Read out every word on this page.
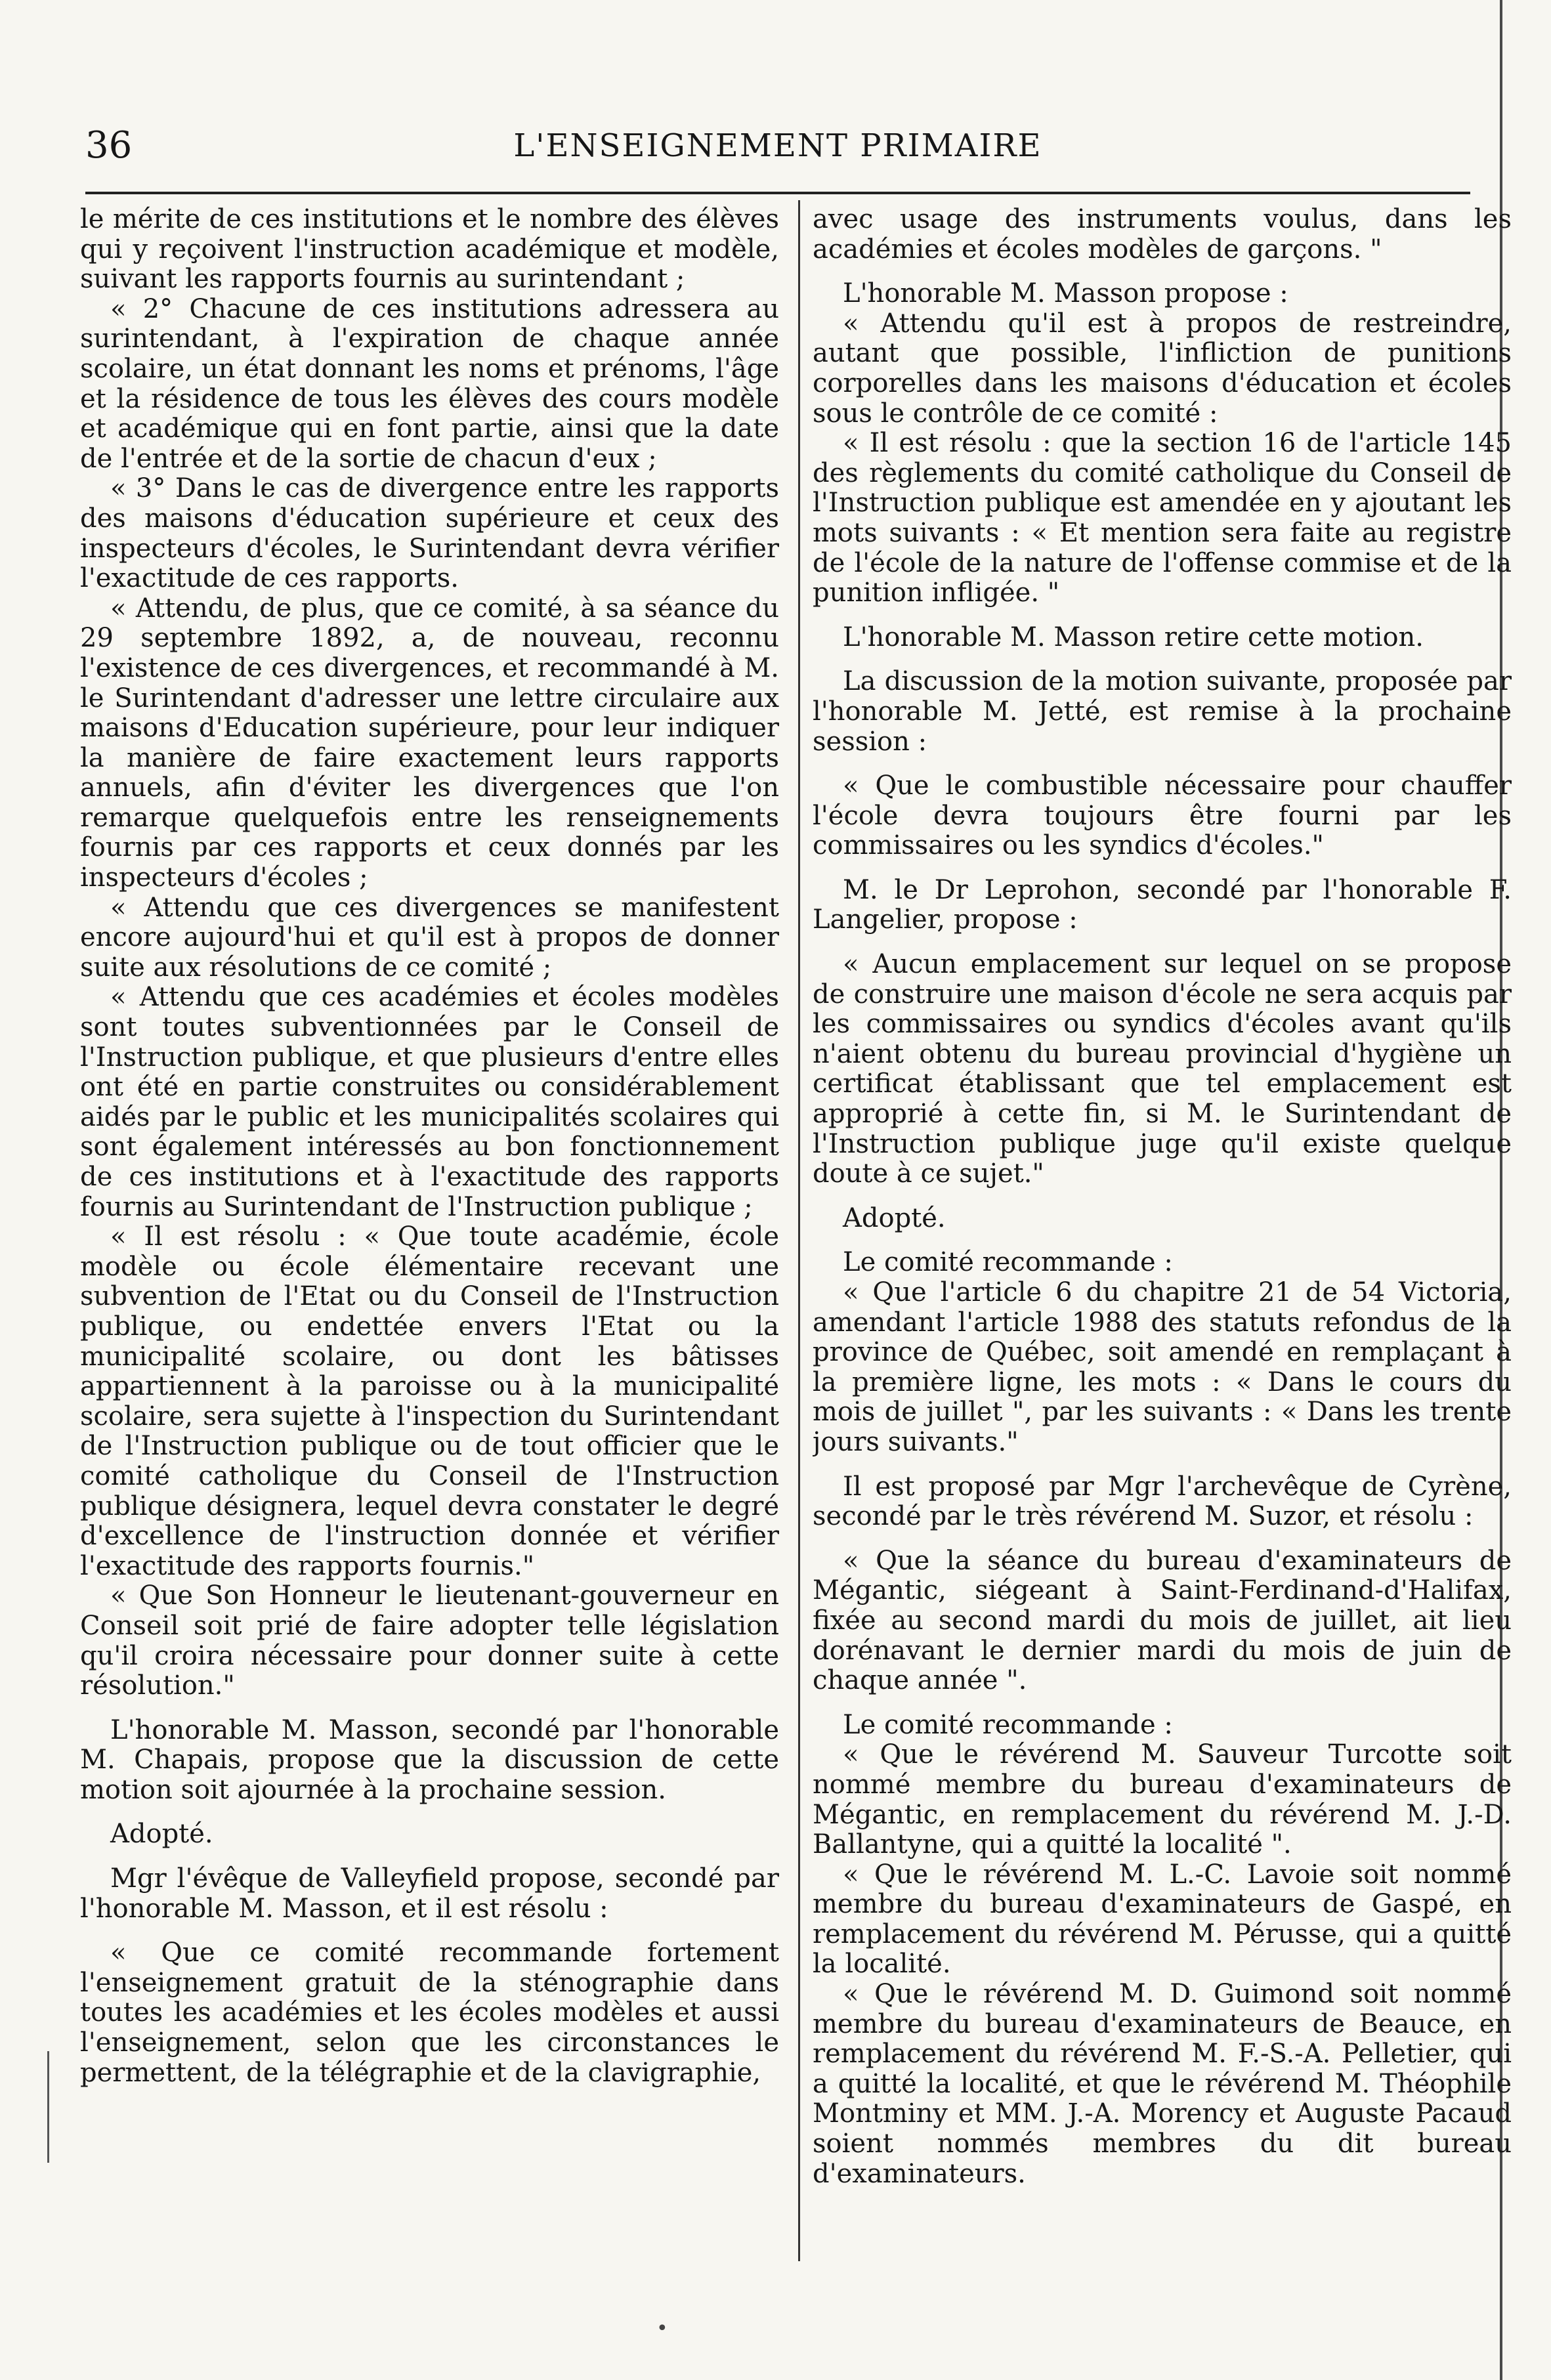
36	L'ENSEIGNEMENT PRIMAIRE

le mérite de ces institutions et le nombre des élèves qui y reçoivent l'instruction académique et modèle, suivant les rapports fournis au surintendant ;

« 2° Chacune de ces institutions adressera au surintendant, à l'expiration de chaque année scolaire, un état donnant les noms et prénoms, l'âge et la résidence de tous les élèves des cours modèle et académique qui en font partie, ainsi que la date de l'entrée et de la sortie de chacun d'eux ;

« 3° Dans le cas de divergence entre les rapports des maisons d'éducation supérieure et ceux des inspecteurs d'écoles, le Surintendant devra vérifier l'exactitude de ces rapports.

« Attendu, de plus, que ce comité, à sa séance du 29 septembre 1892, a, de nouveau, reconnu l'existence de ces divergences, et recommandé à M. le Surintendant d'adresser une lettre circulaire aux maisons d'Education supérieure, pour leur indiquer la manière de faire exactement leurs rapports annuels, afin d'éviter les divergences que l'on remarque quelquefois entre les renseignements fournis par ces rapports et ceux donnés par les inspecteurs d'écoles ;

« Attendu que ces divergences se manifestent encore aujourd'hui et qu'il est à propos de donner suite aux résolutions de ce comité ;

« Attendu que ces académies et écoles modèles sont toutes subventionnées par le Conseil de l'Instruction publique, et que plusieurs d'entre elles ont été en partie construites ou considérablement aidés par le public et les municipalités scolaires qui sont également intéressés au bon fonctionnement de ces institutions et à l'exactitude des rapports fournis au Surintendant de l'Instruction publique ;

« Il est résolu : « Que toute académie, école modèle ou école élémentaire recevant une subvention de l'Etat ou du Conseil de l'Instruction publique, ou endettée envers l'Etat ou la municipalité scolaire, ou dont les bâtisses appartiennent à la paroisse ou à la municipalité scolaire, sera sujette à l'inspection du Surintendant de l'Instruction publique ou de tout officier que le comité catholique du Conseil de l'Instruction publique désignera, lequel devra constater le degré d'excellence de l'instruction donnée et vérifier l'exactitude des rapports fournis."

« Que Son Honneur le lieutenant-gouverneur en Conseil soit prié de faire adopter telle législation qu'il croira nécessaire pour donner suite à cette résolution."

L'honorable M. Masson, secondé par l'honorable M. Chapais, propose que la discussion de cette motion soit ajournée à la prochaine session.

Adopté.

Mgr l'évêque de Valleyfield propose, secondé par l'honorable M. Masson, et il est résolu :

« Que ce comité recommande fortement l'enseignement gratuit de la sténographie dans toutes les académies et les écoles modèles et aussi l'enseignement, selon que les circonstances le permettent, de la télégraphie et de la clavigraphie,

avec usage des instruments voulus, dans les académies et écoles modèles de garçons. "

L'honorable M. Masson propose :

« Attendu qu'il est à propos de restreindre, autant que possible, l'infliction de punitions corporelles dans les maisons d'éducation et écoles sous le contrôle de ce comité :

« Il est résolu : que la section 16 de l'article 145 des règlements du comité catholique du Conseil de l'Instruction publique est amendée en y ajoutant les mots suivants : « Et mention sera faite au registre de l'école de la nature de l'offense commise et de la punition infligée. "

L'honorable M. Masson retire cette motion.

La discussion de la motion suivante, proposée par l'honorable M. Jetté, est remise à la prochaine session :

« Que le combustible nécessaire pour chauffer l'école devra toujours être fourni par les commissaires ou les syndics d'écoles."

M. le Dr Leprohon, secondé par l'honorable F. Langelier, propose :

« Aucun emplacement sur lequel on se propose de construire une maison d'école ne sera acquis par les commissaires ou syndics d'écoles avant qu'ils n'aient obtenu du bureau provincial d'hygiène un certificat établissant que tel emplacement est approprié à cette fin, si M. le Surintendant de l'Instruction publique juge qu'il existe quelque doute à ce sujet."

Adopté.

Le comité recommande :

« Que l'article 6 du chapitre 21 de 54 Victoria, amendant l'article 1988 des statuts refondus de la province de Québec, soit amendé en remplaçant à la première ligne, les mots : « Dans le cours du mois de juillet ", par les suivants : « Dans les trente jours suivants."

Il est proposé par Mgr l'archevêque de Cyrène, secondé par le très révérend M. Suzor, et résolu :

« Que la séance du bureau d'examinateurs de Mégantic, siégeant à Saint-Ferdinand-d'Halifax, fixée au second mardi du mois de juillet, ait lieu dorénavant le dernier mardi du mois de juin de chaque année ".

Le comité recommande :

« Que le révérend M. Sauveur Turcotte soit nommé membre du bureau d'examinateurs de Mégantic, en remplacement du révérend M. J.-D. Ballantyne, qui a quitté la localité ".

« Que le révérend M. L.-C. Lavoie soit nommé membre du bureau d'examinateurs de Gaspé, en remplacement du révérend M. Pérusse, qui a quitté la localité.

« Que le révérend M. D. Guimond soit nommé membre du bureau d'examinateurs de Beauce, en remplacement du révérend M. F.-S.-A. Pelletier, qui a quitté la localité, et que le révérend M. Théophile Montminy et MM. J.-A. Morency et Auguste Pacaud soient nommés membres du dit bureau d'examinateurs.

•
